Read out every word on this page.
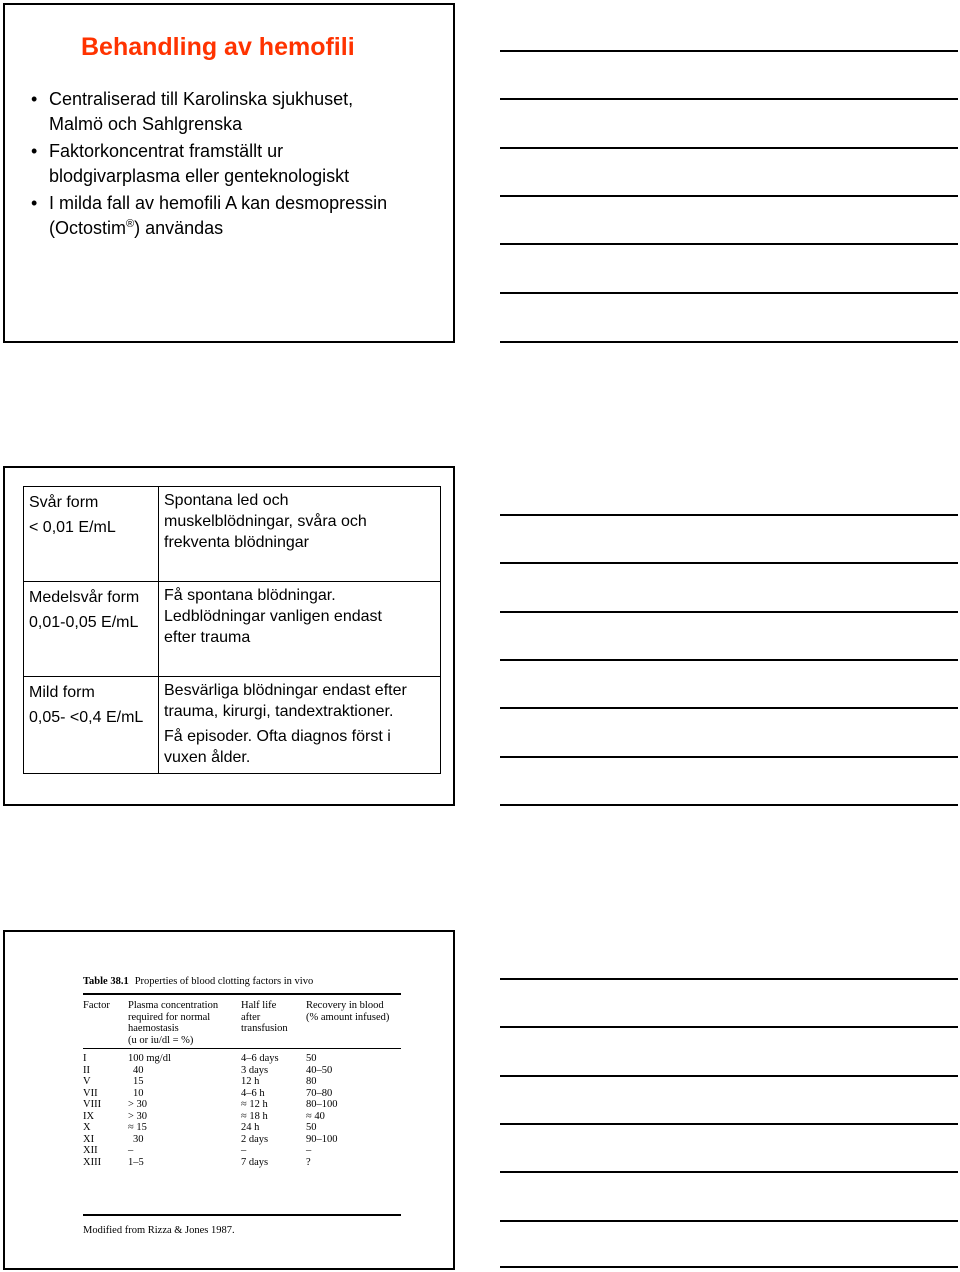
Behandling av hemofili
• Centraliserad till Karolinska sjukhuset,
Malmö och Sahlgrenska
• Faktorkoncentrat framställt ur
blodgivarplasma eller genteknologiskt
• I milda fall av hemofili A kan desmopressin
(Octostim®) användas
Svår form
< 0,01 E/mL
Spontana led och
muskelblödningar, svåra och
frekventa blödningar
Medelsvår form
0,01-0,05 E/mL
Få spontana blödningar.
Ledblödningar vanligen endast
efter trauma
Mild form
0,05- <0,4 E/mL
Besvärliga blödningar endast efter
trauma, kirurgi, tandextraktioner.
Få episoder. Ofta diagnos först i
vuxen ålder.
Table 38.1 Properties of blood clotting factors in vivo
Factor Plasma concentration
required for normal
haemostasis
(u or iu/dl = %)
Half life
after
transfusion
Recovery in blood
(% amount infused)
I
II
V
VII
VIII
IX
X
XI
XII
XIII
100 mg/dl
40
15
10
> 30
> 30
≈ 15
30
–
1–5
4–6 days
3 days
12 h
4–6 h
≈ 12 h
≈ 18 h
24 h
2 days
–
7 days
50
40–50
80
70–80
80–100
≈ 40
50
90–100
–
?
Modified from Rizza & Jones 1987.
